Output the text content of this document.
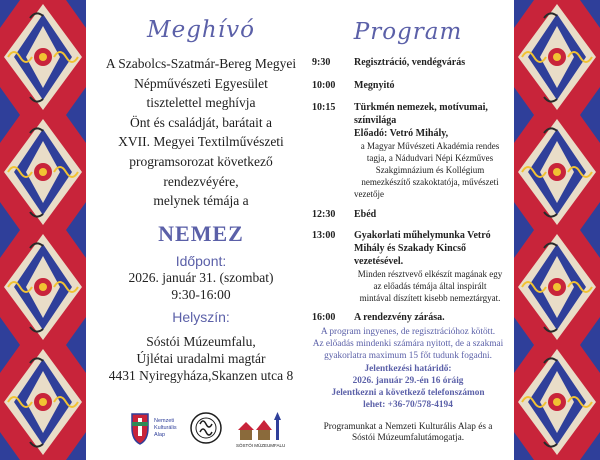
Meghívó
A Szabolcs-Szatmár-Bereg Megyei
Népművészeti Egyesület
tisztelettel meghívja
Önt és családját, barátait a
XVII. Megyei Textilművészeti
programsorozat következő
rendezvéyére,
melynek témája a
NEMEZ
Időpont:
2026. január 31. (szombat)
9:30-16:00
Helyszín:
Sóstói Múzeumfalu,
Újlétai uradalmi magtár
4431 Nyiregyháza,Skanzen utca 8
Nemzeti
Kulturális
Alap
SÓSTÓI MÚZEUMFALU
Program
9:30 Regisztráció, vendégvárás
10:00 Megnyitó
10:15 Türkmén nemezek, motívumai,
színvilága
Előadó: Vetró Mihály,
a Magyar Művészeti Akadémia rendes
tagja, a Nádudvari Népi Kézműves
Szakgimnázium és Kollégium
nemezkészítő szakoktatója, művészeti
vezetője
12:30 Ebéd
13:00 Gyakorlati műhelymunka Vetró
Mihály és Szakady Kincső
vezetésével.
Minden résztvevő elkészít magának egy
az előadás témája által inspirált
mintával díszített kisebb nemeztárgyat.
16:00 A rendezvény zárása.
A program ingyenes, de regisztrációhoz kötött.
Az előadás mindenki számára nyitott, de a szakmai
gyakorlatra maximum 15 főt tudunk fogadni.
Jelentkezési határidő:
2026. január 29.-én 16 óráig
Jelentkezni a következő telefonszámon
lehet: +36-70/578-4194
Programunkat a Nemzeti Kulturális Alap és a
Sóstói Múzeumfalutámogatja.
